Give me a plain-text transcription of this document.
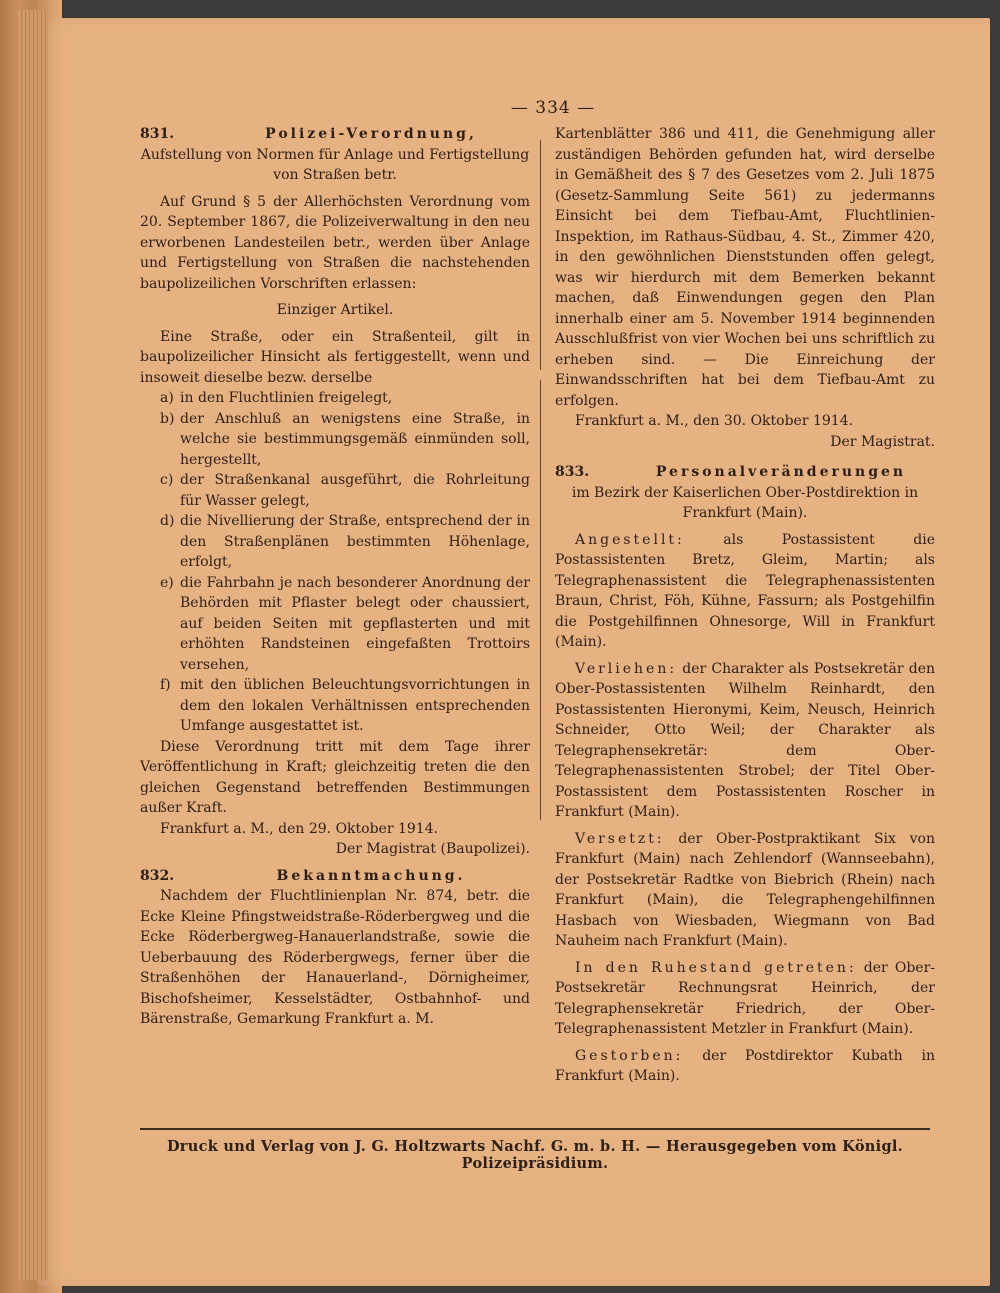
— 334 —
831.	Polizei-Verordnung,

Aufstellung von Normen für Anlage und Fertigstellung von Straßen betr.

Auf Grund § 5 der Allerhöchsten Verordnung vom 20. September 1867, die Polizeiverwaltung in den neu erworbenen Landesteilen betr., werden über Anlage und Fertigstellung von Straßen die nachstehenden baupolizeilichen Vorschriften erlassen:

Einziger Artikel.

Eine Straße, oder ein Straßenteil, gilt in baupolizeilicher Hinsicht als fertiggestellt, wenn und insoweit dieselbe bezw. derselbe

a) in den Fluchtlinien freigelegt,
b) der Anschluß an wenigstens eine Straße, in welche sie bestimmungsgemäß einmünden soll, hergestellt,
c) der Straßenkanal ausgeführt, die Rohrleitung für Wasser gelegt,
d) die Nivellierung der Straße, entsprechend der in den Straßenplänen bestimmten Höhenlage, erfolgt,
e) die Fahrbahn je nach besonderer Anordnung der Behörden mit Pflaster belegt oder chaussiert, auf beiden Seiten mit gepflasterten und mit erhöhten Randsteinen eingefaßten Trottoirs versehen,
f) mit den üblichen Beleuchtungsvorrichtungen in dem den lokalen Verhältnissen entsprechenden Umfange ausgestattet ist.

Diese Verordnung tritt mit dem Tage ihrer Veröffentlichung in Kraft; gleichzeitig treten die den gleichen Gegenstand betreffenden Bestimmungen außer Kraft.

Frankfurt a. M., den 29. Oktober 1914.

Der Magistrat (Baupolizei).

832.	Bekanntmachung.

Nachdem der Fluchtlinienplan Nr. 874, betr. die Ecke Kleine Pfingstweidstraße-Röderbergweg und die Ecke Röderbergweg-Hanauerlandstraße, sowie die Ueberbauung des Röderbergwegs, ferner über die Straßenhöhen der Hanauerland-, Dörnigheimer, Bischofsheimer, Kesselstädter, Ostbahnhof- und Bärenstraße, Gemarkung Frankfurt a. M.

Kartenblätter 386 und 411, die Genehmigung aller zuständigen Behörden gefunden hat, wird derselbe in Gemäßheit des § 7 des Gesetzes vom 2. Juli 1875 (Gesetz-Sammlung Seite 561) zu jedermanns Einsicht bei dem Tiefbau-Amt, Fluchtlinien-Inspektion, im Rathaus-Südbau, 4. St., Zimmer 420, in den gewöhnlichen Dienststunden offen gelegt, was wir hierdurch mit dem Bemerken bekannt machen, daß Einwendungen gegen den Plan innerhalb einer am 5. November 1914 beginnenden Ausschlußfrist von vier Wochen bei uns schriftlich zu erheben sind. — Die Einreichung der Einwandsschriften hat bei dem Tiefbau-Amt zu erfolgen.

Frankfurt a. M., den 30. Oktober 1914.

Der Magistrat.

833.	Personalveränderungen

im Bezirk der Kaiserlichen Ober-Postdirektion in Frankfurt (Main).

Angestellt:	als Postassistent die Postassistenten Bretz, Gleim, Martin; als Telegraphenassistent die Telegraphenassistenten Braun, Christ, Föh, Kühne, Fassurn; als Postgehilfin die Postgehilfinnen Ohnesorge, Will in Frankfurt (Main).

Verliehen: der Charakter als Postsekretär den Ober-Postassistenten Wilhelm Reinhardt, den Postassistenten Hieronymi, Keim, Neusch, Heinrich Schneider, Otto Weil; der Charakter als Telegraphensekretär: dem Ober-Telegraphenassistenten Strobel; der Titel Ober-Postassistent dem Postassistenten Roscher in Frankfurt (Main).

Versetzt: der Ober-Postpraktikant Six von Frankfurt (Main) nach Zehlendorf (Wannseebahn), der Postsekretär Radtke von Biebrich (Rhein) nach Frankfurt (Main), die Telegraphengehilfinnen Hasbach von Wiesbaden, Wiegmann von Bad Nauheim nach Frankfurt (Main).

In den Ruhestand getreten: der Ober-Postsekretär Rechnungsrat Heinrich, der Telegraphensekretär Friedrich, der Ober-Telegraphenassistent Metzler in Frankfurt (Main).

Gestorben: der Postdirektor Kubath in Frankfurt (Main).

Druck und Verlag von J. G. Holtzwarts Nachf. G. m. b. H. — Herausgegeben vom Königl. Polizeipräsidium.
